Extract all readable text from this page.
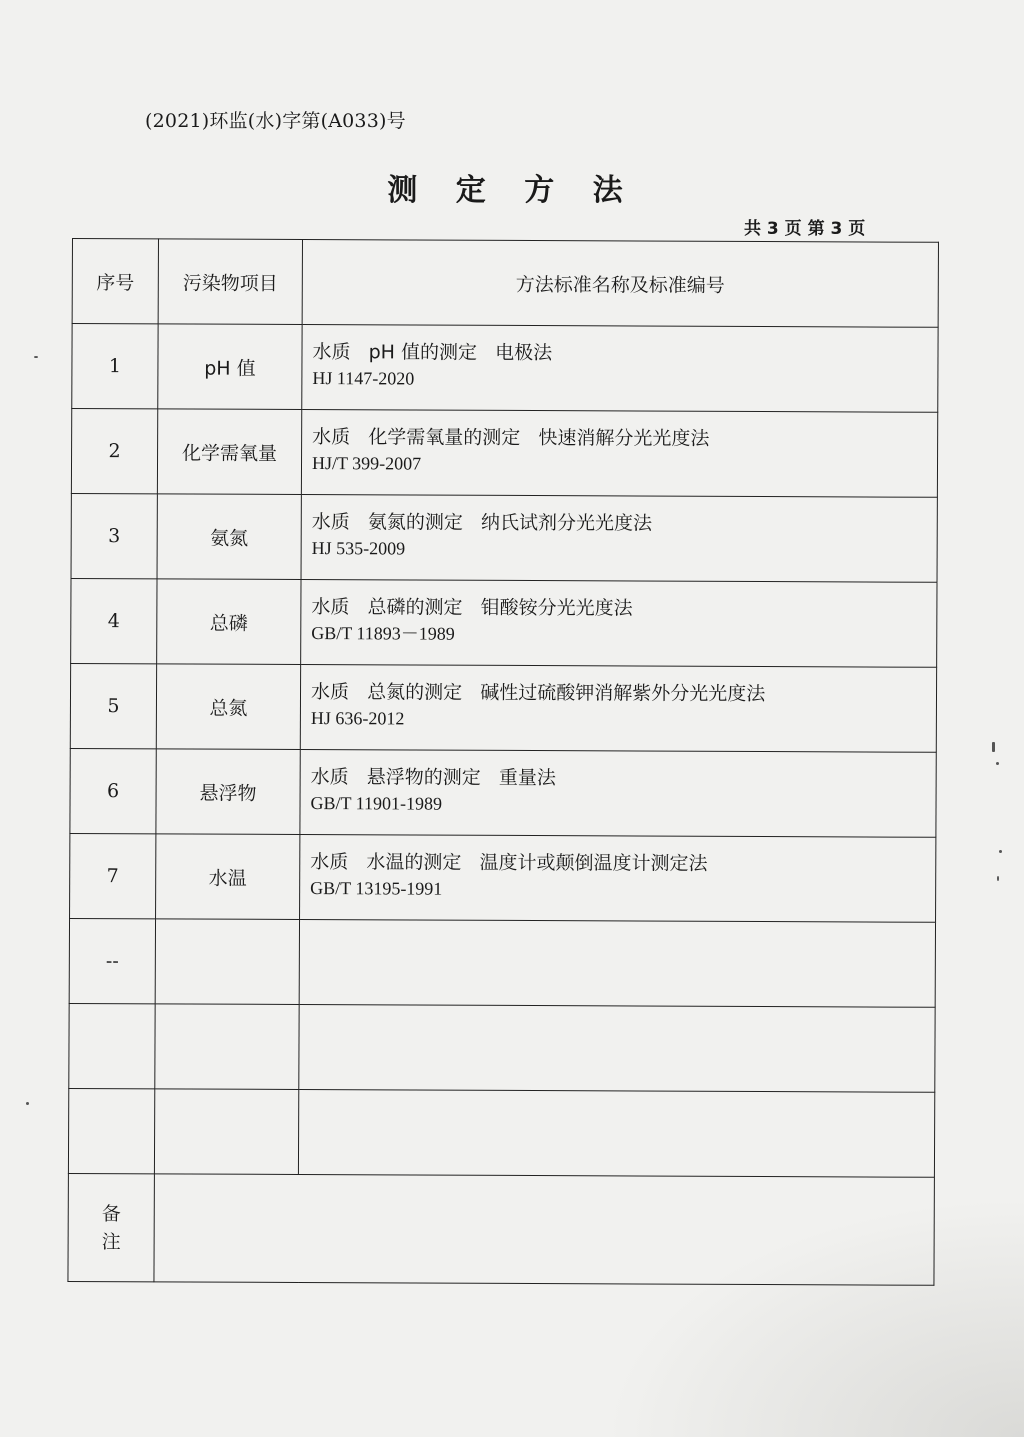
(2021)环监(水)字第(A033)号
测 定 方 法
共 3 页 第 3 页
序号	污染物项目	方法标准名称及标准编号
1	pH 值	水质   pH 值的测定   电极法
HJ 1147-2020

2	化学需氧量	水质   化学需氧量的测定   快速消解分光光度法
HJ/T 399-2007

3	氨氮	水质   氨氮的测定   纳氏试剂分光光度法
HJ 535-2009

4	总磷	水质   总磷的测定   钼酸铵分光光度法
GB/T 11893－1989

5	总氮	水质   总氮的测定   碱性过硫酸钾消解紫外分光光度法
HJ 636-2012

6	悬浮物	水质   悬浮物的测定   重量法
GB/T 11901-1989

7	水温	水质   水温的测定   温度计或颠倒温度计测定法
GB/T 13195-1991

--		

备
注		
